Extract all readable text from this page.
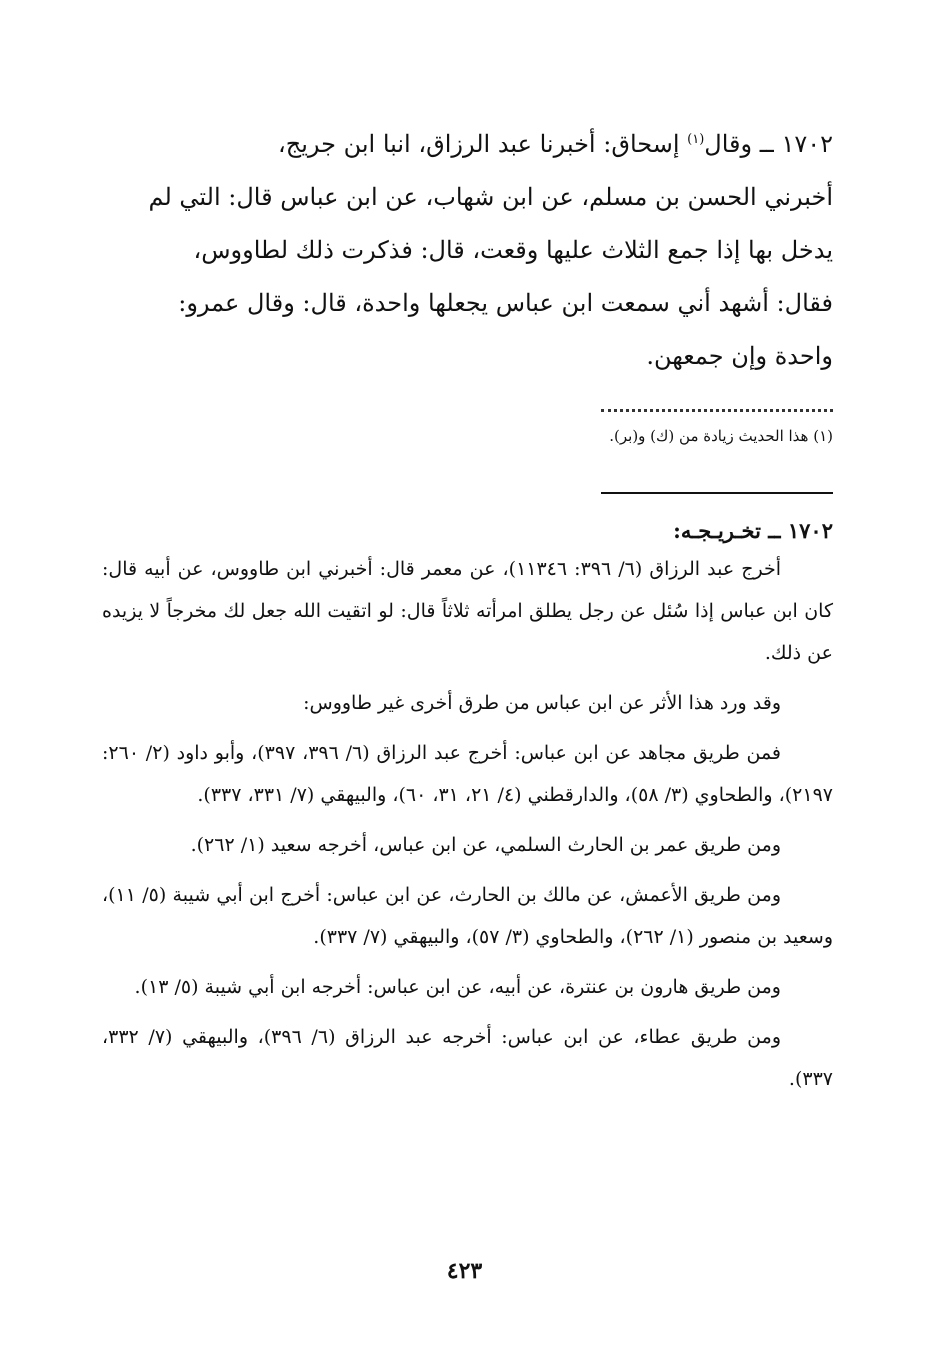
١٧٠٢ ــ وقال$^{(١)}$ إسحاق: أخبرنا عبد الرزاق، انبا ابن جريج،
أخبرني الحسن بن مسلم، عن ابن شهاب، عن ابن عباس قال: التي لم
يدخل بها إذا جمع الثلاث عليها وقعت، قال: فذكرت ذلك لطاووس،
فقال: أشهد أني سمعت ابن عباس يجعلها واحدة، قال: وقال عمرو:
واحدة وإن جمعهن.
(١) هذا الحديث زيادة من (ك) و(بر).
١٧٠٢ ــ تخـريـجـه:

أخرج عبد الرزاق (٦/ ٣٩٦: ١١٣٤٦)، عن معمر قال: أخبرني ابن طاووس، عن أبيه قال: كان ابن عباس إذا سُئل عن رجل يطلق امرأته ثلاثاً قال: لو اتقيت الله جعل لك مخرجاً لا يزيده عن ذلك.

وقد ورد هذا الأثر عن ابن عباس من طرق أخرى غير طاووس:

فمن طريق مجاهد عن ابن عباس: أخرج عبد الرزاق (٦/ ٣٩٦، ٣٩٧)، وأبو داود (٢/ ٢٦٠: ٢١٩٧)، والطحاوي (٣/ ٥٨)، والدارقطني (٤/ ٢١، ٣١، ٦٠)، والبيهقي (٧/ ٣٣١، ٣٣٧).

ومن طريق عمر بن الحارث السلمي، عن ابن عباس، أخرجه سعيد (١/ ٢٦٢).

ومن طريق الأعمش، عن مالك بن الحارث، عن ابن عباس: أخرج ابن أبي شيبة (٥/ ١١)، وسعيد بن منصور (١/ ٢٦٢)، والطحاوي (٣/ ٥٧)، والبيهقي (٧/ ٣٣٧).

ومن طريق هارون بن عنترة، عن أبيه، عن ابن عباس: أخرجه ابن أبي شيبة (٥/ ١٣).

ومن طريق عطاء، عن ابن عباس: أخرجه عبد الرزاق (٦/ ٣٩٦)، والبيهقي (٧/ ٣٣٢، ٣٣٧).

٤٢٣
